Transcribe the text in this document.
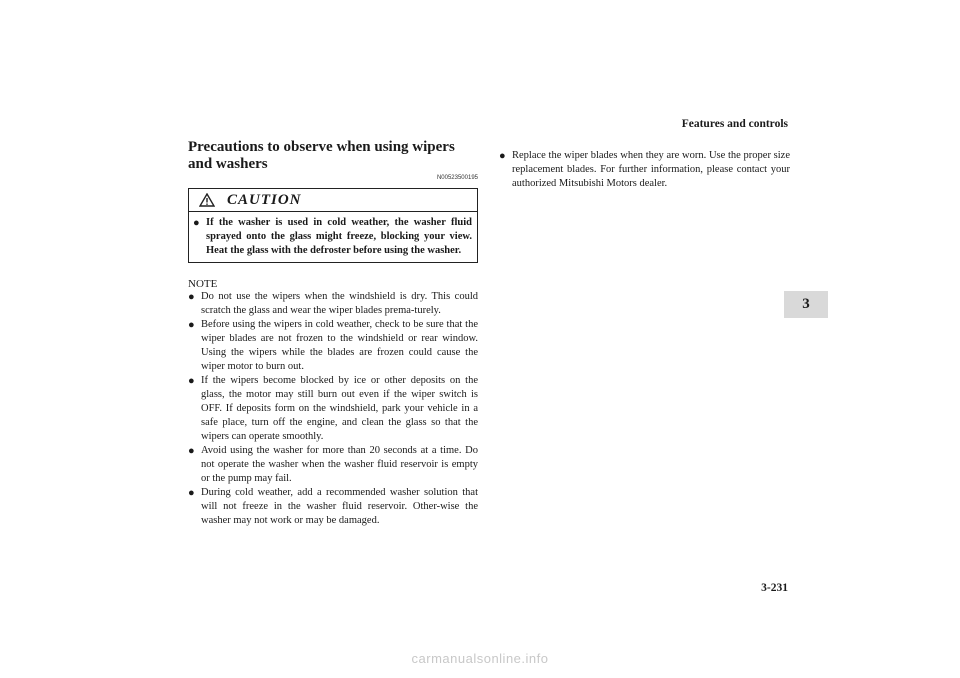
Features and controls
3
Precautions to observe when using wipers and washers
N00523500195
CAUTION
● If the washer is used in cold weather, the washer fluid sprayed onto the glass might freeze, blocking your view. Heat the glass with the defroster before using the washer.
NOTE
● Do not use the wipers when the windshield is dry. This could scratch the glass and wear the wiper blades prema-turely.
● Before using the wipers in cold weather, check to be sure that the wiper blades are not frozen to the windshield or rear window. Using the wipers while the blades are frozen could cause the wiper motor to burn out.
● If the wipers become blocked by ice or other deposits on the glass, the motor may still burn out even if the wiper switch is OFF. If deposits form on the windshield, park your vehicle in a safe place, turn off the engine, and clean the glass so that the wipers can operate smoothly.
● Avoid using the washer for more than 20 seconds at a time. Do not operate the washer when the washer fluid reservoir is empty or the pump may fail.
● During cold weather, add a recommended washer solution that will not freeze in the washer fluid reservoir. Other-wise the washer may not work or may be damaged.
● Replace the wiper blades when they are worn. Use the proper size replacement blades. For further information, please contact your authorized Mitsubishi Motors dealer.
3-231
carmanualsonline.info
